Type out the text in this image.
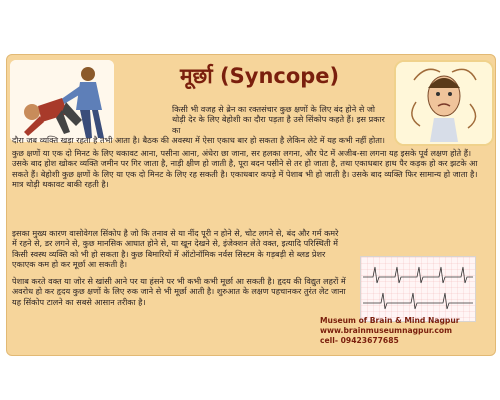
मूर्छा (Syncope)

किसी भी वजह से ब्रेन का रक्तसंचार कुछ क्षणों के लिए बंद होने से जो थोड़ी देर के लिए बेहोशी का दौरा पड़ता है उसे सिंकोप कहते हैं। इस प्रकार का

दौरा जब व्यक्ति खड़ा रहता है तभी आता है। बैठक की अवस्था में ऐसा एकाध बार हो सकता है लेकिन लेटे में यह कभी नहीं होता।

कुछ क्षणों या एक दो मिनट के लिए थकावट आना, पसीना आना, अंधेरा छा जाना, सर हलका लगना, और पेट में अजीब-सा लगना यह इसके पूर्व लक्षण होते हैं। उसके बाद होश खोकर व्यक्ति जमीन पर गिर जाता है, नाड़ी क्षीण हो जाती है, पूरा बदन पसीने से तर हो जाता है, तथा एकाधबार हाथ पैर कड़क हो कर झटके आ सकते हैं। बेहोशी कुछ क्षणों के लिए या एक दो मिनट के लिए रह सकती है। एकाधबार कपड़े में पेशाब भी हो जाती है। उसके बाद व्यक्ति फिर सामान्य हो जाता है। मात्र थोड़ी थकावट बाकी रहती है।

इसका मुख्य कारण वासोवेगल सिंकोप है जो कि तनाव से या नींद पूरी न होने से, चोट लगने से, बंद और गर्म कमरे में रहने से, डर लगने से, कुछ मानसिक आघात होने से, या खून देखने से, इंजेक्शन लेते वक्त, इत्यादि परिस्थिती में किसी स्वस्थ व्यक्ति को भी हो सकता है। कुछ बिमारियों में ऑटोनॉमिक नर्वस सिस्टम के गड़बड़ी से ब्लड प्रेशर एकाएक कम हो कर मूर्छा आ सकती है।

पेशाब करते वक्त या जोर से खांसी आने पर या हंसने पर भी कभी कभी मूर्छा आ सकती है। हृदय की विद्युत लहरों में अवरोध हो कर हृदय कुछ क्षणों के लिए रुक जाने से भी मूर्छा आती है। शुरुआत के लक्षण पहचानकर तुरंत लेट जाना यह सिंकोप टालने का सबसे आसान तरीका है।

Museum of Brain & Mind Nagpur
www.brainmuseumnagpur.com
cell- 09423677685
